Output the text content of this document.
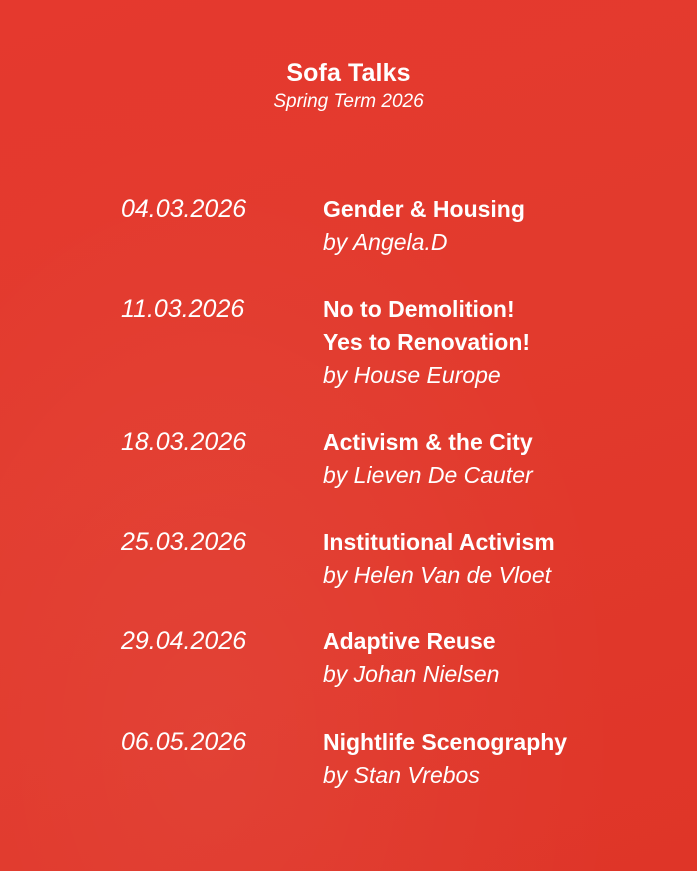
Sofa Talks
Spring Term 2026
04.03.2026	Gender & Housing
by Angela.D
11.03.2026	No to Demolition!
Yes to Renovation!
by House Europe
18.03.2026	Activism & the City
by Lieven De Cauter
25.03.2026	Institutional Activism
by Helen Van de Vloet
29.04.2026	Adaptive Reuse
by Johan Nielsen
06.05.2026	Nightlife Scenography
by Stan Vrebos
